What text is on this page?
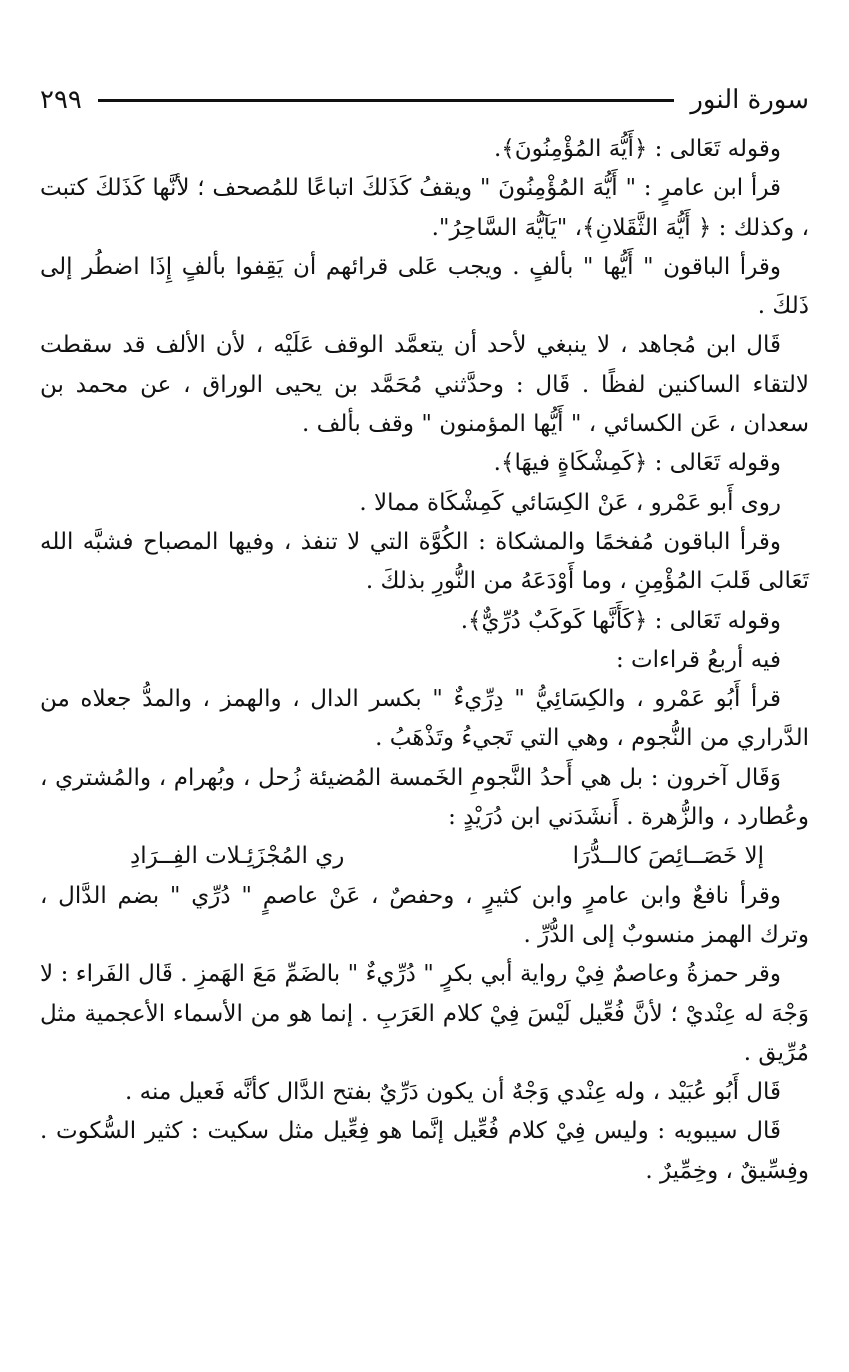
سورة النور
٢٩٩

وقوله تَعَالى : ﴿أَيُّهَ المُؤْمِنُونَ﴾.

قرأ ابن عامرٍ : " أَيُّهَ المُؤْمِنُونَ " ويقفُ كَذَلكَ اتباعًا للمُصحف ؛ لأنَّها كَذَلكَ كتبت ، وكذلك : ﴿ أَيُّهَ الثَّقَلانِ﴾، "يَآيُّهَ السَّاحِرُ".

وقرأ الباقون " أَيُّها " بألفٍ . ويجب عَلى قرائهم أن يَقِفوا بألفٍ إِذَا اضطُر إلى ذَلكَ .

قَال ابن مُجاهد ، لا ينبغي لأحد أن يتعمَّد الوقف عَلَيْه ، لأن الألف قد سقطت لالتقاء الساكنين لفظًا . قَال : وحدَّثني مُحَمَّد بن يحيى الوراق ، عن محمد بن سعدان ، عَن الكسائي ، " أَيُّها المؤمنون " وقف بألف .

وقوله تَعَالى : ﴿كَمِشْكَاةٍ فيهَا﴾.

روى أَبو عَمْرو ، عَنْ الكِسَائي كَمِشْكَاة ممالا .

وقرأ الباقون مُفخمًا والمشكاة : الكُوَّة التي لا تنفذ ، وفيها المصباح فشبَّه الله تَعَالى قَلبَ المُؤْمِنِ ، وما أَوْدَعَهُ من النُّورِ بذلكَ .

وقوله تَعَالى : ﴿كَأَنَّها كَوكَبٌ دُرِّيٌّ﴾.

فيه أربعُ قراءات :

قرأ أَبُو عَمْرو ، والكِسَائِيُّ " دِرِّيءٌ " بكسر الدال ، والهمز ، والمدُّ جعلاه من الدَّراري من النُّجوم ، وهي التي تَجيءُ وتَذْهَبُ .

وَقَال آخرون : بل هي أَحدُ النَّجومِ الخَمسة المُضيئة زُحل ، وبُهرام ، والمُشتري ، وعُطارد ، والزُّهرة . أَنشَدَني ابن دُرَيْدٍ :

إلا خَصَــائِصَ كالــدُّرَا
ري المُجْزَئِـلات الفِــرَادِ

وقرأ نافعٌ وابن عامرٍ وابن كثيرٍ ، وحفصٌ ، عَنْ عاصمٍ " دُرِّي " بضم الدَّال ، وترك الهمز منسوبٌ إلى الدُّرِّ .

وقر حمزةُ وعاصمٌ فِيْ رواية أبي بكرٍ " دُرِّيءٌ " بالضَمِّ مَعَ الهَمزِ . قَال الفَراء : لا وَجْهَ له عِنْديْ ؛ لأنَّ فُعِّيل لَيْسَ فِيْ كلام العَرَبِ . إنما هو من الأسماء الأعجمية مثل مُرِّيق .

قَال أَبُو عُبَيْد ، وله عِنْدي وَجْهٌ أن يكون دَرِّيٌ بفتح الدَّال كأنَّه فَعيل منه .

قَال سيبويه : وليس فِيْ كلام فُعِّيل إنَّما هو فِعِّيل مثل سكيت : كثير السُّكوت . وفِسِّيقٌ ، وخِمِّيرٌ .
